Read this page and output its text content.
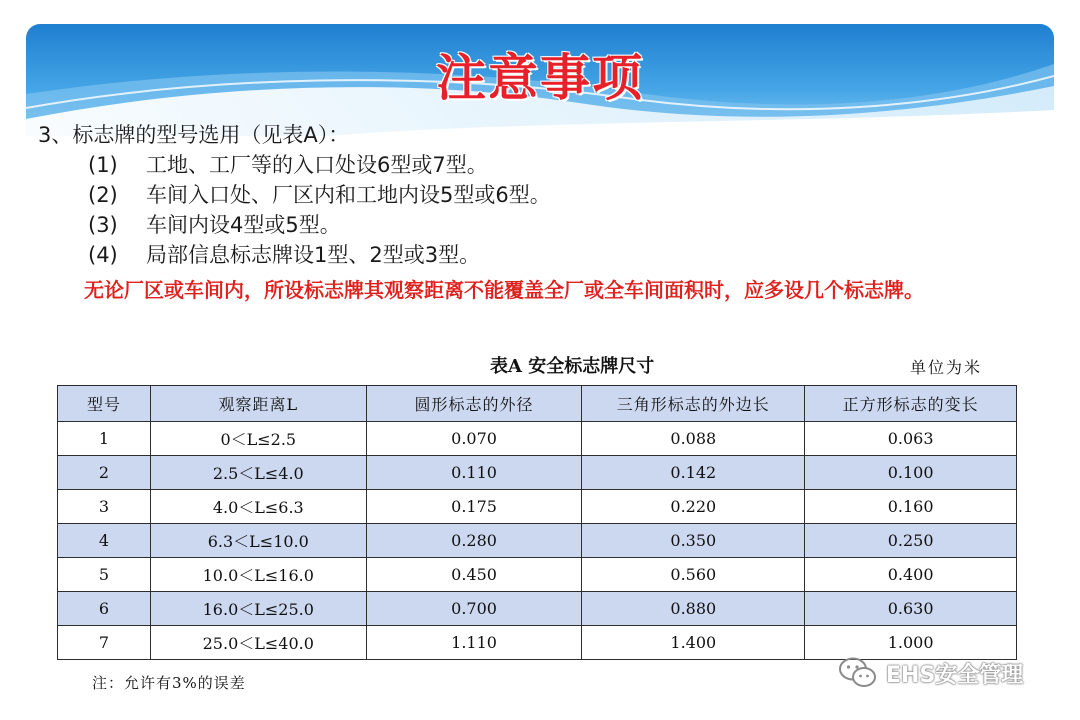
注意事项
3、标志牌的型号选用（见表A）：
(1) 工地、工厂等的入口处设6型或7型。
(2) 车间入口处、厂区内和工地内设5型或6型。
(3) 车间内设4型或5型。
(4) 局部信息标志牌设1型、2型或3型。
无论厂区或车间内，所设标志牌其观察距离不能覆盖全厂或全车间面积时，应多设几个标志牌。
表A 安全标志牌尺寸	单位为米
型号	观察距离L	圆形标志的外径	三角形标志的外边长	正方形标志的变长
1	0＜L≤2.5	0.070	0.088	0.063
2	2.5＜L≤4.0	0.110	0.142	0.100
3	4.0＜L≤6.3	0.175	0.220	0.160
4	6.3＜L≤10.0	0.280	0.350	0.250
5	10.0＜L≤16.0	0.450	0.560	0.400
6	16.0＜L≤25.0	0.700	0.880	0.630
7	25.0＜L≤40.0	1.110	1.400	1.000
注：允许有3%的误差	EHS安全管理
